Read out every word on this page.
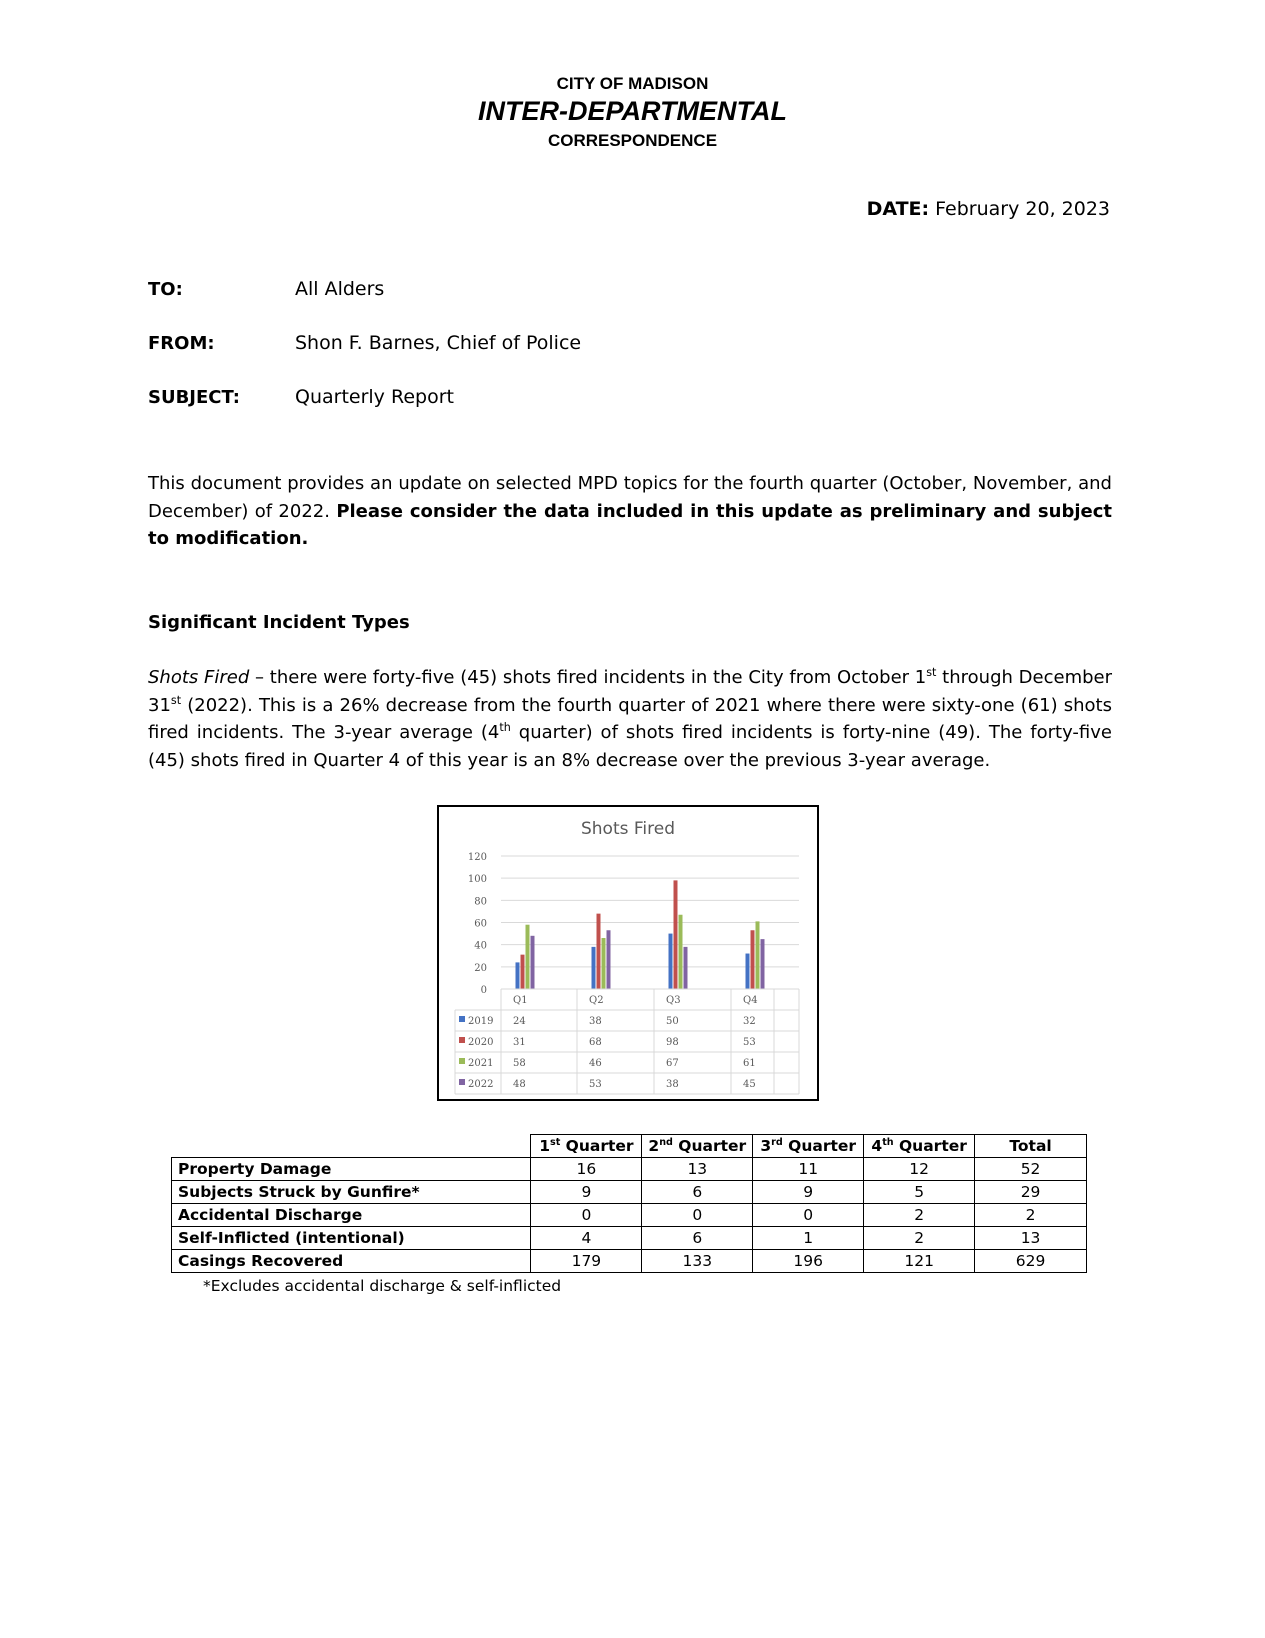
CITY OF MADISON
INTER-DEPARTMENTAL
CORRESPONDENCE
DATE: February 20, 2023
TO:	All Alders
FROM:	Shon F. Barnes, Chief of Police
SUBJECT:	Quarterly Report

This document provides an update on selected MPD topics for the fourth quarter (October, November, and December) of 2022. Please consider the data included in this update as preliminary and subject to modification.

Significant Incident Types

Shots Fired – there were forty-five (45) shots fired incidents in the City from October 1st through December 31st (2022). This is a 26% decrease from the fourth quarter of 2021 where there were sixty-one (61) shots fired incidents. The 3-year average (4th quarter) of shots fired incidents is forty-nine (49). The forty-five (45) shots fired in Quarter 4 of this year is an 8% decrease over the previous 3-year average.

Shots Fired
0
20
40
60
80
100
120
Q1	Q2	Q3	Q4
2019 24	38	50	32
2020 31	68	98	53
2021 58	46	67	61
2022 48	53	38	45
	1st Quarter	2nd Quarter	3rd Quarter	4th Quarter	Total
Property Damage	16	13	11	12	52
Subjects Struck by Gunfire*	9	6	9	5	29
Accidental Discharge	0	0	0	2	2
Self-Inflicted (intentional)	4	6	1	2	13
Casings Recovered	179	133	196	121	629
*Excludes accidental discharge & self-inflicted
